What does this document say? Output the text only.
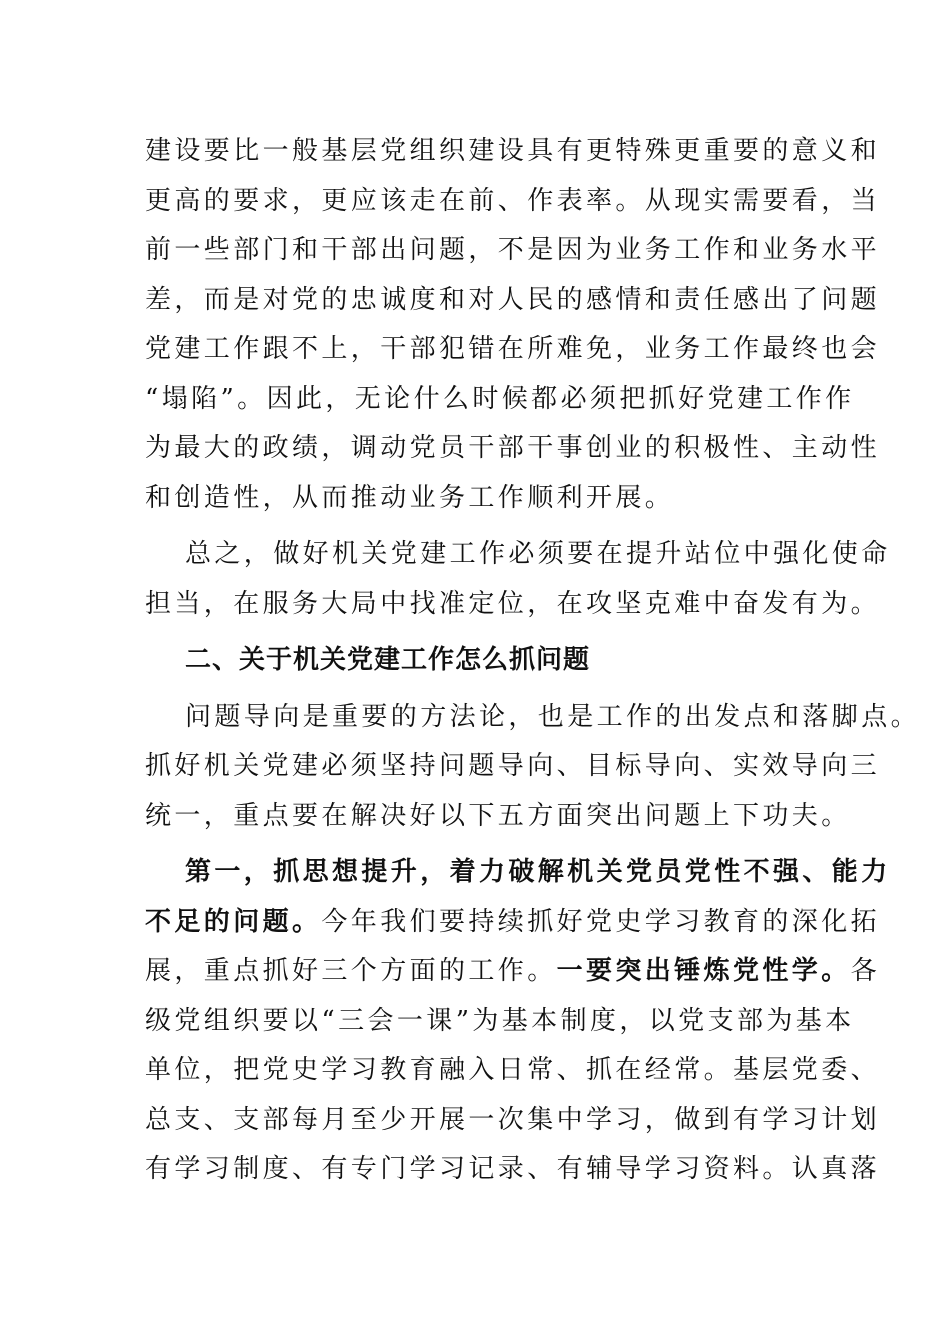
建设要比一般基层党组织建设具有更特殊更重要的意义和
更高的要求，更应该走在前、作表率。从现实需要看，当
前一些部门和干部出问题，不是因为业务工作和业务水平
差，而是对党的忠诚度和对人民的感情和责任感出了问题
党建工作跟不上，干部犯错在所难免，业务工作最终也会
“塌陷”。因此，无论什么时候都必须把抓好党建工作作
为最大的政绩，调动党员干部干事创业的积极性、主动性
和创造性，从而推动业务工作顺利开展。
总之，做好机关党建工作必须要在提升站位中强化使命
担当，在服务大局中找准定位，在攻坚克难中奋发有为。
二、关于机关党建工作怎么抓问题
问题导向是重要的方法论，也是工作的出发点和落脚点。
抓好机关党建必须坚持问题导向、目标导向、实效导向三
统一，重点要在解决好以下五方面突出问题上下功夫。
第一，抓思想提升，着力破解机关党员党性不强、能力
不足的问题。今年我们要持续抓好党史学习教育的深化拓
展，重点抓好三个方面的工作。一要突出锤炼党性学。各
级党组织要以“三会一课”为基本制度，以党支部为基本
单位，把党史学习教育融入日常、抓在经常。基层党委、
总支、支部每月至少开展一次集中学习，做到有学习计划
有学习制度、有专门学习记录、有辅导学习资料。认真落
